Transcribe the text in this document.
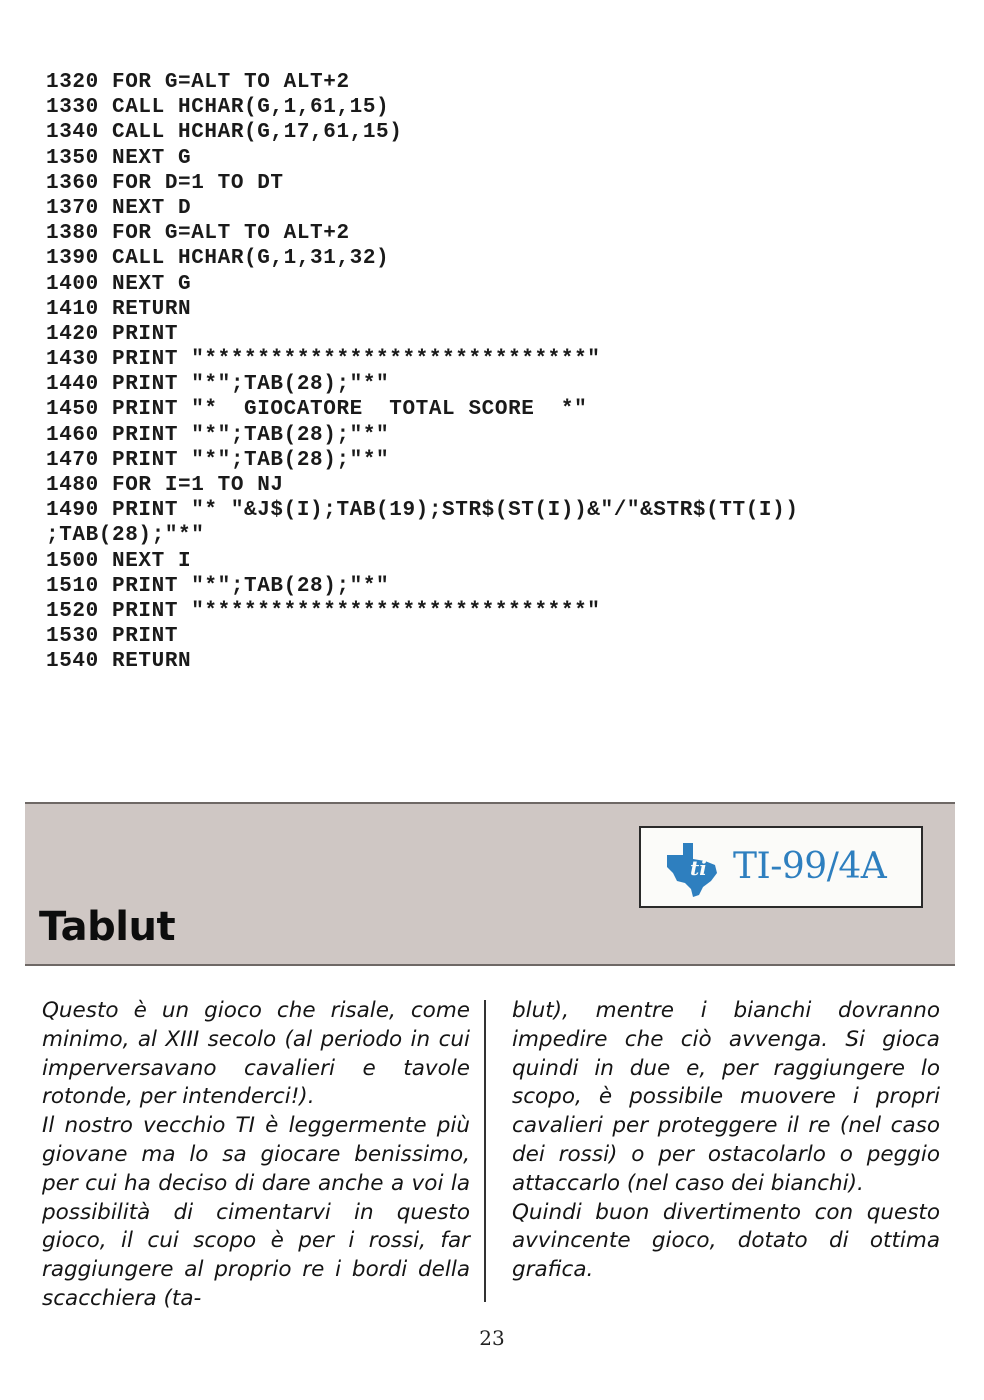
1320 FOR G=ALT TO ALT+2
1330 CALL HCHAR(G,1,61,15)
1340 CALL HCHAR(G,17,61,15)
1350 NEXT G
1360 FOR D=1 TO DT
1370 NEXT D
1380 FOR G=ALT TO ALT+2
1390 CALL HCHAR(G,1,31,32)
1400 NEXT G
1410 RETURN
1420 PRINT
1430 PRINT "*****************************"
1440 PRINT "*";TAB(28);"*"
1450 PRINT "*  GIOCATORE  TOTAL SCORE  *"
1460 PRINT "*";TAB(28);"*"
1470 PRINT "*";TAB(28);"*"
1480 FOR I=1 TO NJ
1490 PRINT "* "&J$(I);TAB(19);STR$(ST(I))&"/"&STR$(TT(I))
;TAB(28);"*"
1500 NEXT I
1510 PRINT "*";TAB(28);"*"
1520 PRINT "*****************************"
1530 PRINT
1540 RETURN
Tablut
ti TI-99/4A

Questo è un gioco che risale, come minimo, al XIII secolo (al periodo in cui imperversavano cavalieri e tavole rotonde, per intenderci!).

Il nostro vecchio TI è leggermente più giovane ma lo sa giocare benissimo, per cui ha deciso di dare anche a voi la possibilità di cimentarvi in questo gioco, il cui scopo è per i rossi, far raggiungere al proprio re i bordi della scacchiera (ta-

blut), mentre i bianchi dovranno impedire che ciò avvenga. Si gioca quindi in due e, per raggiungere lo scopo, è possibile muovere i propri cavalieri per proteggere il re (nel caso dei rossi) o per ostacolarlo o peggio attaccarlo (nel caso dei bianchi).

Quindi buon divertimento con questo avvincente gioco, dotato di ottima grafica.

23
